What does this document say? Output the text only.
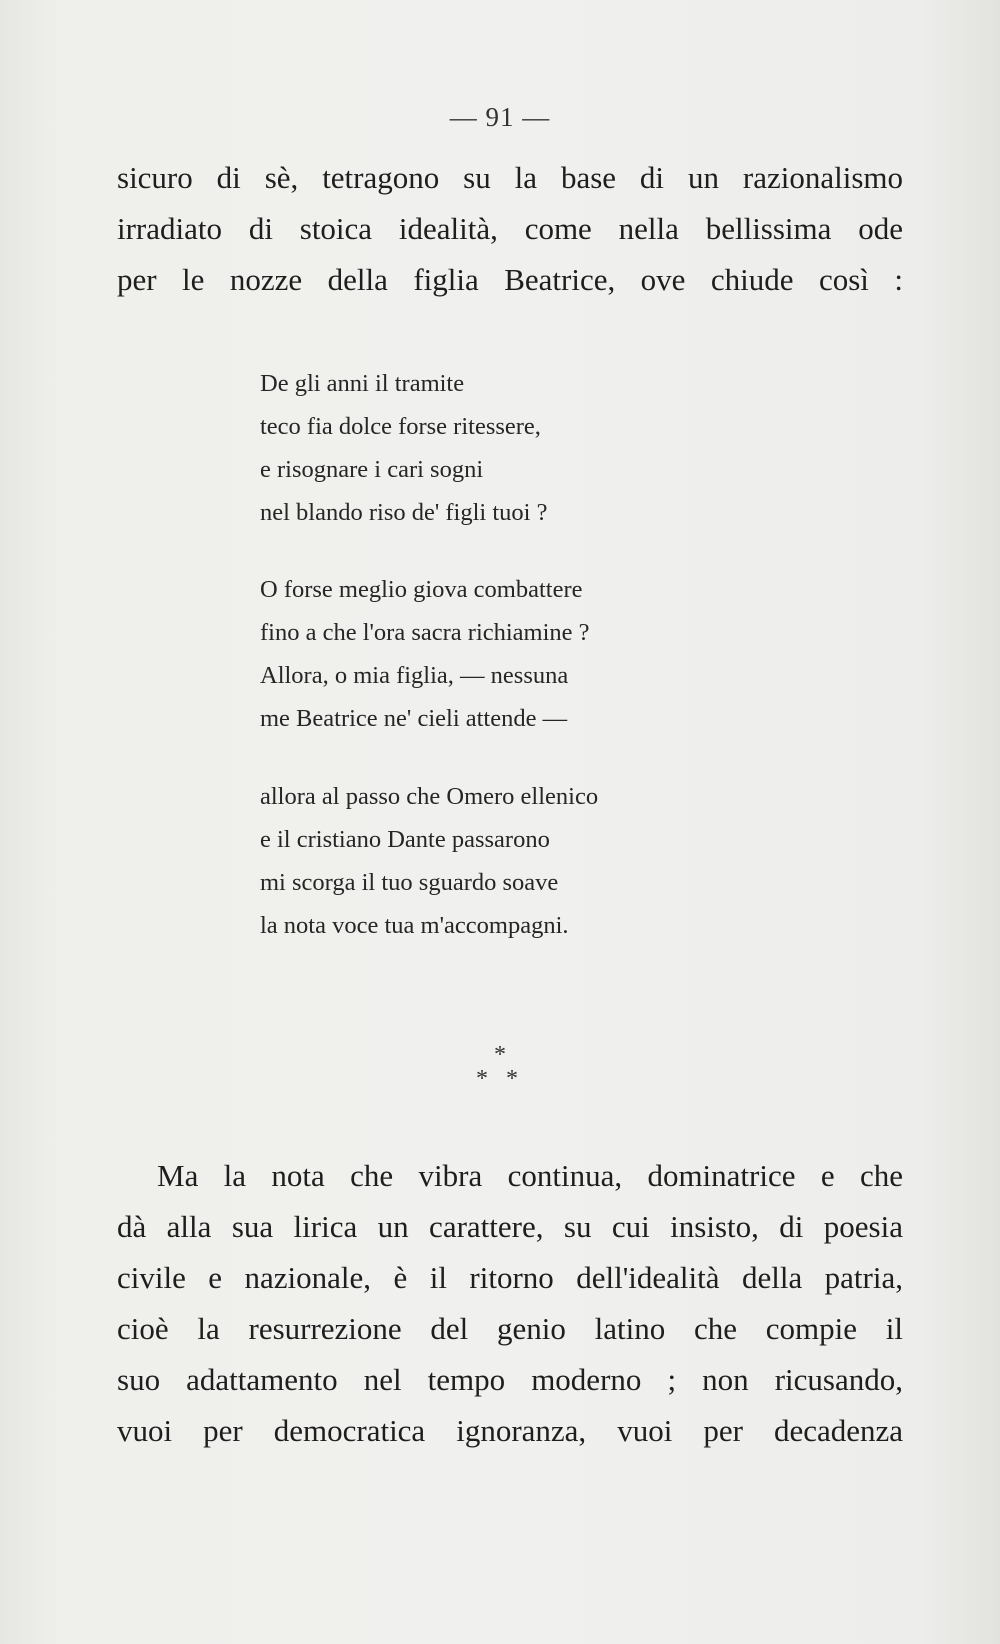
— 91 —
sicuro di sè, tetragono su la base di un razionalismo
irradiato di stoica idealità, come nella bellissima ode
per le nozze della figlia Beatrice, ove chiude così :
De gli anni il tramite
teco fia dolce forse ritessere,
e risognare i cari sogni
nel blando riso de' figli tuoi ?
O forse meglio giova combattere
fino a che l'ora sacra richiamine ?
Allora, o mia figlia, — nessuna
me Beatrice ne' cieli attende —
allora al passo che Omero ellenico
e il cristiano Dante passarono
mi scorga il tuo sguardo soave
la nota voce tua m'accompagni.
*
* *
Ma la nota che vibra continua, dominatrice e che
dà alla sua lirica un carattere, su cui insisto, di poesia
civile e nazionale, è il ritorno dell'idealità della patria,
cioè la resurrezione del genio latino che compie il
suo adattamento nel tempo moderno ; non ricusando,
vuoi per democratica ignoranza, vuoi per decadenza
